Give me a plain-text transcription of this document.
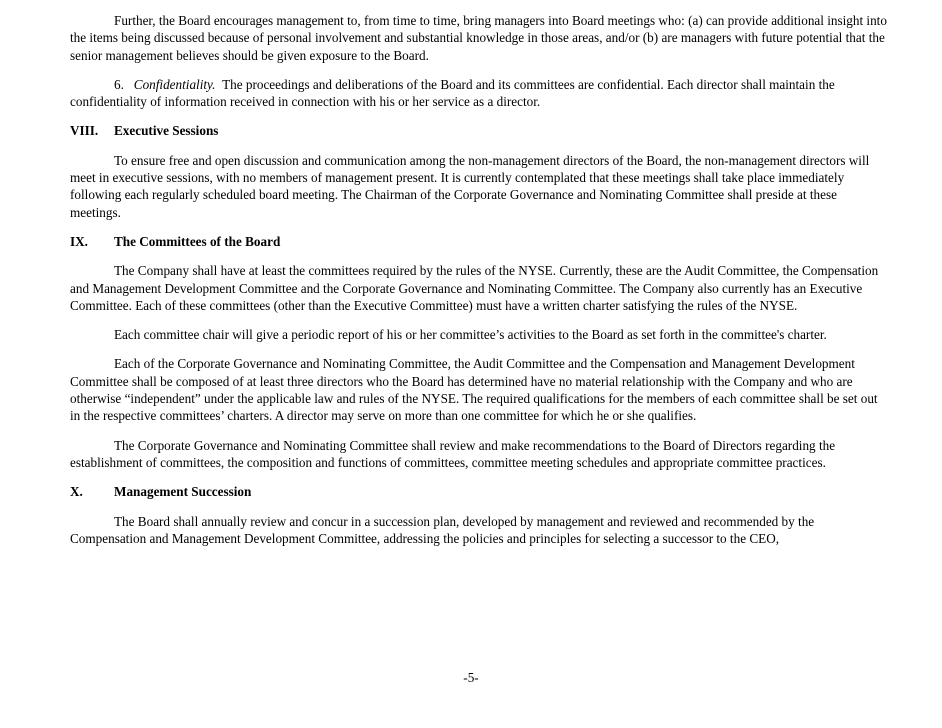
Further, the Board encourages management to, from time to time, bring managers into Board meetings who: (a) can provide additional insight into the items being discussed because of personal involvement and substantial knowledge in those areas, and/or (b) are managers with future potential that the senior management believes should be given exposure to the Board.

6. Confidentiality. The proceedings and deliberations of the Board and its committees are confidential. Each director shall maintain the confidentiality of information received in connection with his or her service as a director.

VIII.	Executive Sessions

To ensure free and open discussion and communication among the non-management directors of the Board, the non-management directors will meet in executive sessions, with no members of management present. It is currently contemplated that these meetings shall take place immediately following each regularly scheduled board meeting. The Chairman of the Corporate Governance and Nominating Committee shall preside at these meetings.

IX.	The Committees of the Board

The Company shall have at least the committees required by the rules of the NYSE. Currently, these are the Audit Committee, the Compensation and Management Development Committee and the Corporate Governance and Nominating Committee. The Company also currently has an Executive Committee. Each of these committees (other than the Executive Committee) must have a written charter satisfying the rules of the NYSE.

Each committee chair will give a periodic report of his or her committee’s activities to the Board as set forth in the committee's charter.

Each of the Corporate Governance and Nominating Committee, the Audit Committee and the Compensation and Management Development Committee shall be composed of at least three directors who the Board has determined have no material relationship with the Company and who are otherwise “independent” under the applicable law and rules of the NYSE. The required qualifications for the members of each committee shall be set out in the respective committees’ charters. A director may serve on more than one committee for which he or she qualifies.

The Corporate Governance and Nominating Committee shall review and make recommendations to the Board of Directors regarding the establishment of committees, the composition and functions of committees, committee meeting schedules and appropriate committee practices.

X.	Management Succession

The Board shall annually review and concur in a succession plan, developed by management and reviewed and recommended by the Compensation and Management Development Committee, addressing the policies and principles for selecting a successor to the CEO,

-5-
